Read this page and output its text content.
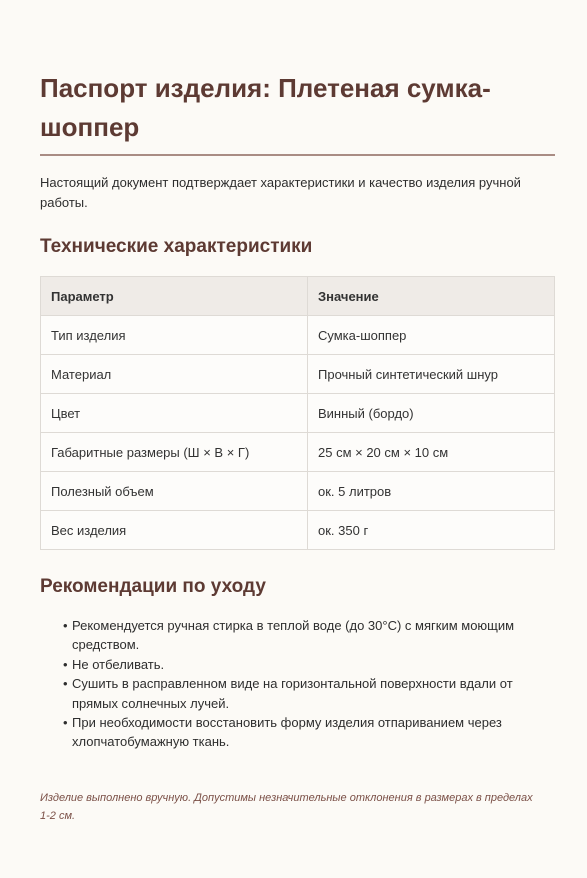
Паспорт изделия: Плетеная сумка-шоппер

Настоящий документ подтверждает характеристики и качество изделия ручной работы.

Технические характеристики
Параметр	Значение
Тип изделия	Сумка-шоппер
Материал	Прочный синтетический шнур
Цвет	Винный (бордо)
Габаритные размеры (Ш × В × Г)	25 см × 20 см × 10 см
Полезный объем	ок. 5 литров
Вес изделия	ок. 350 г
Рекомендации по уходу
• Рекомендуется ручная стирка в теплой воде (до 30°C) с мягким моющим средством.
• Не отбеливать.
• Сушить в расправленном виде на горизонтальной поверхности вдали от прямых солнечных лучей.
• При необходимости восстановить форму изделия отпариванием через хлопчатобумажную ткань.

Изделие выполнено вручную. Допустимы незначительные отклонения в размерах в пределах 1-2 см.
